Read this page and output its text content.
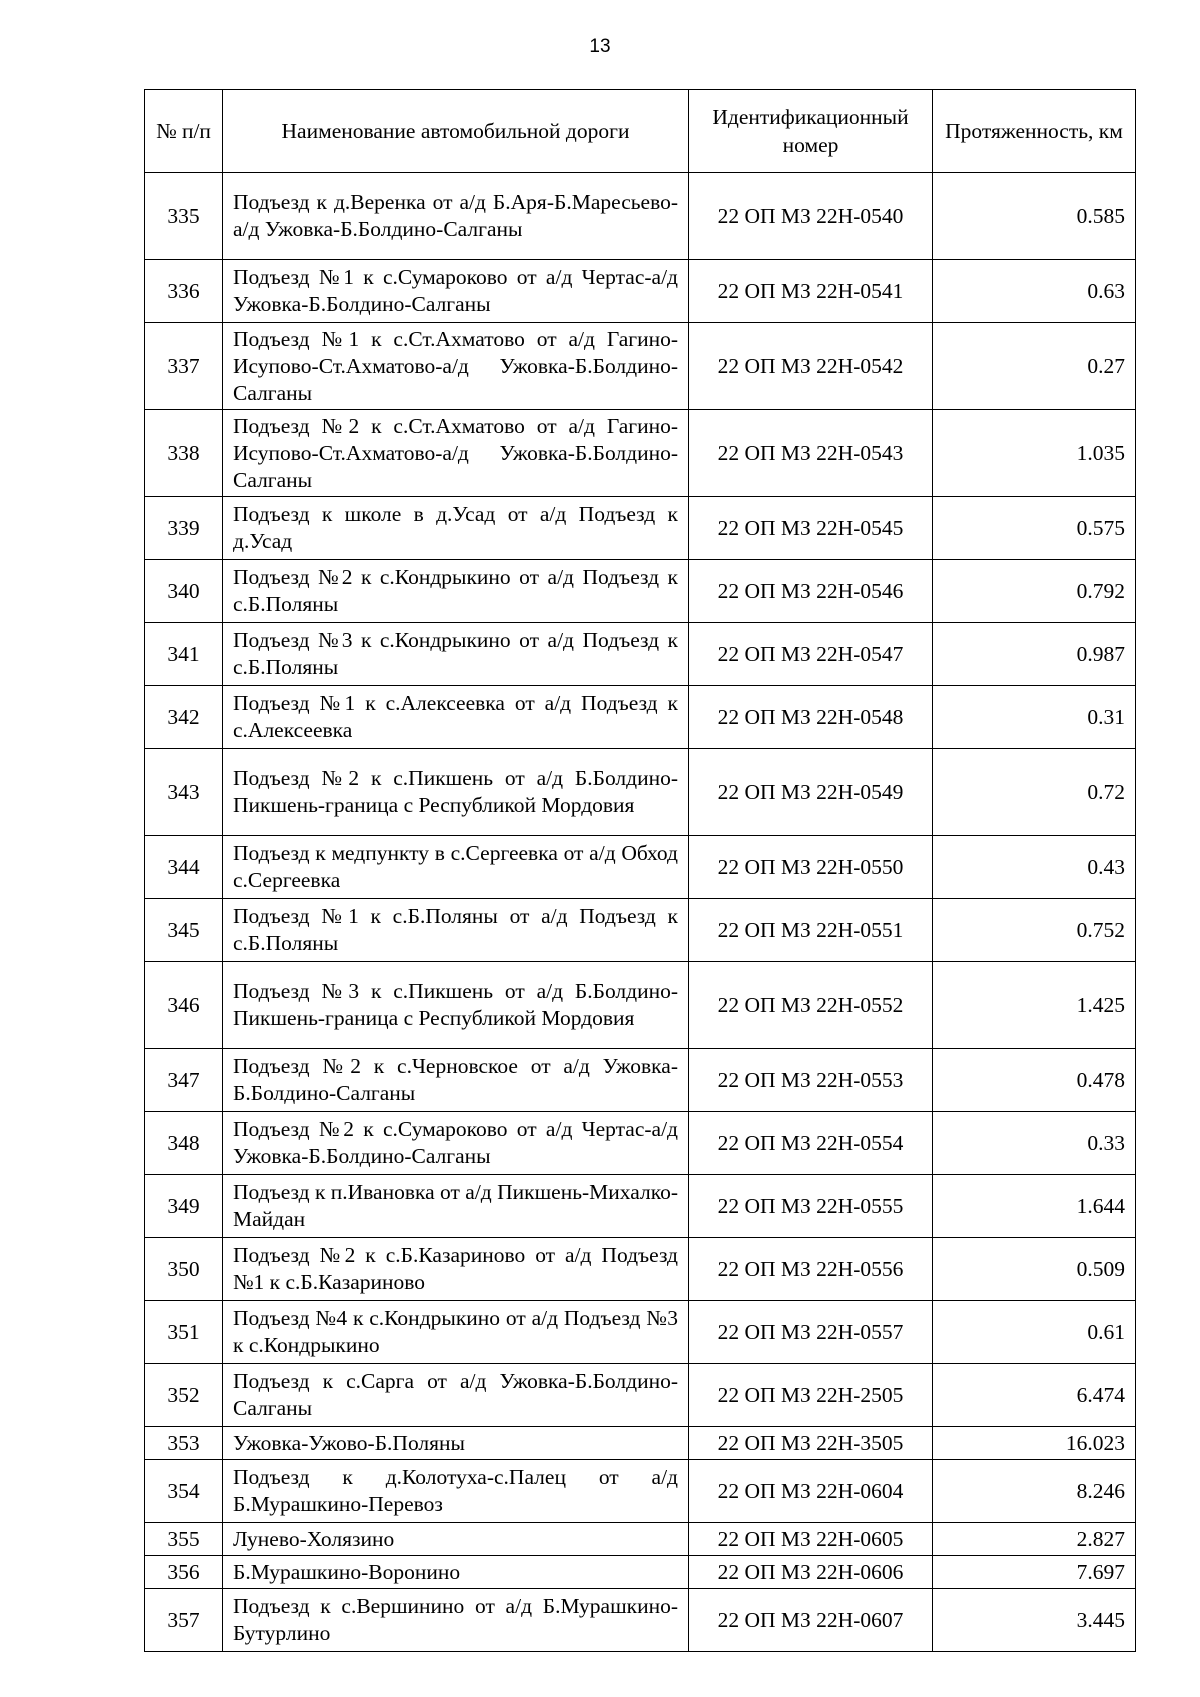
13
№ п/п	Наименование автомобильной дороги	Идентификационный номер	Протяженность, км
335	Подъезд к д.Веренка от а/д Б.Аря-Б.Маресьево-а/д Ужовка-Б.Болдино-Салганы	22 ОП МЗ 22Н-0540	0.585
336	Подъезд №1 к с.Сумароково от а/д Чертас-а/д Ужовка-Б.Болдино-Салганы	22 ОП МЗ 22Н-0541	0.63
337	Подъезд №1 к с.Ст.Ахматово от а/д Гагино-Исупово-Ст.Ахматово-а/д Ужовка-Б.Болдино-Салганы	22 ОП МЗ 22Н-0542	0.27
338	Подъезд №2 к с.Ст.Ахматово от а/д Гагино-Исупово-Ст.Ахматово-а/д Ужовка-Б.Болдино-Салганы	22 ОП МЗ 22Н-0543	1.035
339	Подъезд к школе в д.Усад от а/д Подъезд к д.Усад	22 ОП МЗ 22Н-0545	0.575
340	Подъезд №2 к с.Кондрыкино от а/д Подъезд к с.Б.Поляны	22 ОП МЗ 22Н-0546	0.792
341	Подъезд №3 к с.Кондрыкино от а/д Подъезд к с.Б.Поляны	22 ОП МЗ 22Н-0547	0.987
342	Подъезд №1 к с.Алексеевка от а/д Подъезд к с.Алексеевка	22 ОП МЗ 22Н-0548	0.31
343	Подъезд №2 к с.Пикшень от а/д Б.Болдино-Пикшень-граница с Республикой Мордовия	22 ОП МЗ 22Н-0549	0.72
344	Подъезд к медпункту в с.Сергеевка от а/д Обход с.Сергеевка	22 ОП МЗ 22Н-0550	0.43
345	Подъезд №1 к с.Б.Поляны от а/д Подъезд к с.Б.Поляны	22 ОП МЗ 22Н-0551	0.752
346	Подъезд №3 к с.Пикшень от а/д Б.Болдино-Пикшень-граница с Республикой Мордовия	22 ОП МЗ 22Н-0552	1.425
347	Подъезд №2 к с.Черновское от а/д Ужовка-Б.Болдино-Салганы	22 ОП МЗ 22Н-0553	0.478
348	Подъезд №2 к с.Сумароково от а/д Чертас-а/д Ужовка-Б.Болдино-Салганы	22 ОП МЗ 22Н-0554	0.33
349	Подъезд к п.Ивановка от а/д Пикшень-Михалко-Майдан	22 ОП МЗ 22Н-0555	1.644
350	Подъезд №2 к с.Б.Казариново от а/д Подъезд №1 к с.Б.Казариново	22 ОП МЗ 22Н-0556	0.509
351	Подъезд №4 к с.Кондрыкино от а/д Подъезд №3 к с.Кондрыкино	22 ОП МЗ 22Н-0557	0.61
352	Подъезд к с.Сарга от а/д Ужовка-Б.Болдино-Салганы	22 ОП МЗ 22Н-2505	6.474
353	Ужовка-Ужово-Б.Поляны	22 ОП МЗ 22Н-3505	16.023
354	Подъезд к д.Колотуха-с.Палец от а/д Б.Мурашкино-Перевоз	22 ОП МЗ 22Н-0604	8.246
355	Лунево-Холязино	22 ОП МЗ 22Н-0605	2.827
356	Б.Мурашкино-Воронино	22 ОП МЗ 22Н-0606	7.697
357	Подъезд к с.Вершинино от а/д Б.Мурашкино-Бутурлино	22 ОП МЗ 22Н-0607	3.445
